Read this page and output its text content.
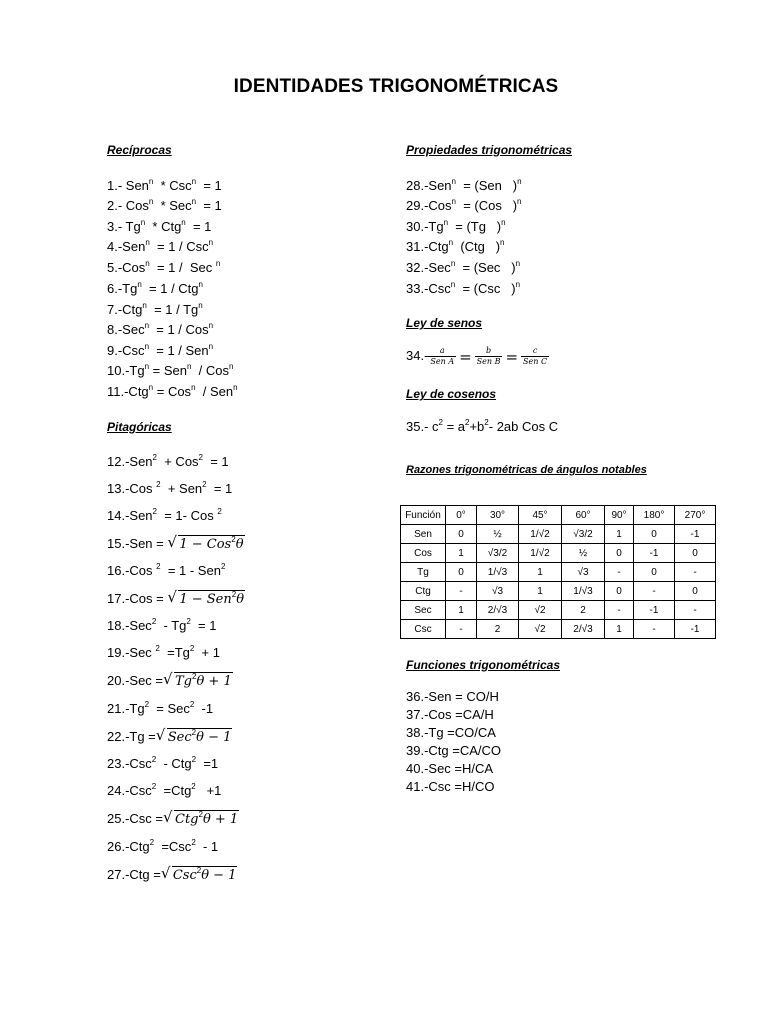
IDENTIDADES TRIGONOMÉTRICAS
Recíprocas
1.- Sen$^n$  * Csc$^n$  = 1
2.- Cos$^n$  * Sec$^n$  = 1
3.- Tg$^n$  * Ctg$^n$  = 1
4.-Sen$^n$  = 1 / Csc$^n$
5.-Cos$^n$  = 1 /  Sec $^n$
6.-Tg$^n$  = 1 / Ctg$^n$
7.-Ctg$^n$  = 1 / Tg$^n$
8.-Sec$^n$  = 1 / Cos$^n$
9.-Csc$^n$  = 1 / Sen$^n$
$10.-Tg^n = Sen^n / Cos^n$
11.-Ctg$^n$ = Cos$^n$  / Sen$^n$
Pitagóricas
12.-Sen$^2$  + Cos$^2$  = 1
13.-Cos $^2$  + Sen$^2$  = 1
14.-Sen$^2$  = 1- Cos $^2$
15.-Sen = √ 1 − Cos$^2$θ
16.-Cos $^2$  = 1 - Sen$^2$
17.-Cos = √ 1 − Sen$^2$θ
18.-Sec$^2$  - Tg$^2$  = 1
19.-Sec $^2 =Tg^2 + 1$
20.-Sec = √ $Tg^2\theta + 1$
21.-Tg$^2$  = Sec$^2$  -1
22.-Tg = √ Sec$^2$θ − 1
23.-Csc$^2$  - Ctg$^2$  =1
24.-Csc$^2$  =Ctg$^2$   +1
25.-Csc = √ Ctg$^2$θ + 1
26.-Ctg$^2$  =Csc$^2$  - 1
27.-Ctg = √ Csc$^2$θ − 1
Propiedades trigonométricas
28.-Sen$^n$  = (Sen   )$^n$
29.-Cos$^n$  = (Cos   )$^n$
30.-Tg$^n$  = (Tg   )$^n$
31.-Ctg$^n$  (Ctg   )$^n$
32.-Sec$^n$  = (Sec   )$^n$
33.-Csc$^n$  = (Csc   )$^n$
Ley de senos
$34.- \frac{a}{\text{Sen A}} = \frac{b}{\text{Sen B}} = \frac{c}{\text{Sen C}}$
Ley de cosenos
35.- $c^2 = a^2+b^2-$ 2ab Cos C
Razones trigonométricas de ángulos notables
Funciones trigonométricas
36.-Sen = CO/H
37.-Cos =CA/H
38.-Tg =CO/CA
39.-Ctg =CA/CO
40.-Sec =H/CA
41.-Csc =H/CO
Función	0°	30°	45°	60°	90°	180°	270°
Sen	0	½	1/√2	√3/2	1	0	-1
Cos	1	√3/2	1/√2	½	0	-1	0
Tg	0	1/√3	1	√3	-	0	-
Ctg	-	√3	1	1/√3	0	-	0
Sec	1	2/√3	√2	2	-	-1	-
Csc	-	2	√2	2/√3	1	-	-1
